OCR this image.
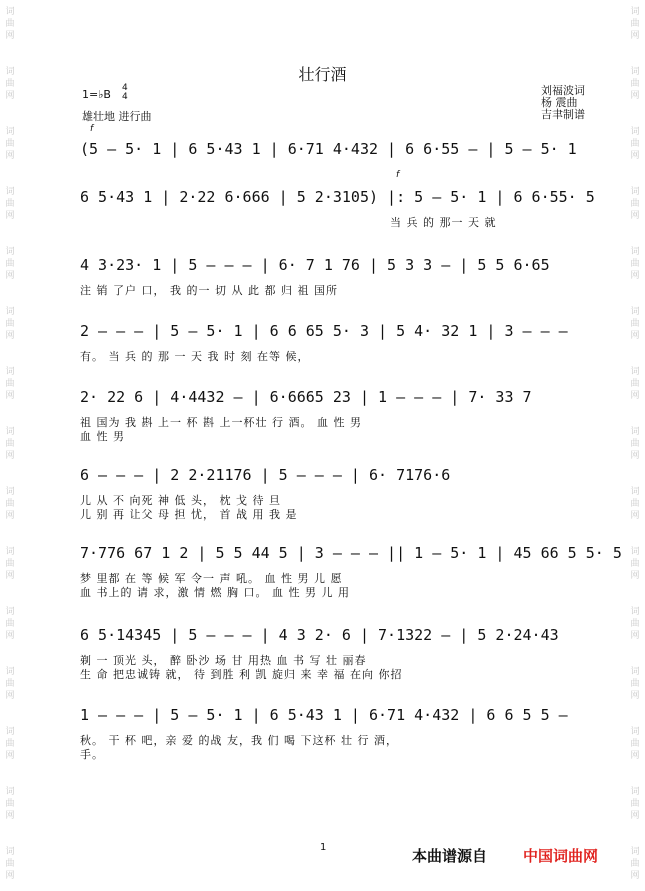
词
曲
网
词
曲
网
词
曲
网
词
曲
网
词
曲
网
词
曲
网
词
曲
网
词
曲
网
词
曲
网
词
曲
网
词
曲
网
词
曲
网
词
曲
网
词
曲
网
词
曲
网
词
曲
网
词
曲
网
词
曲
网
词
曲
网
词
曲
网
词
曲
网
词
曲
网
词
曲
网
词
曲
网
词
曲
网
词
曲
网
词
曲
网
词
曲
网
词
曲
网
词
曲
网
壮行酒
1=♭B 4
4
雄壮地 进行曲
刘福波词
杨 震曲
吉聿制谱
f
f
(5 — 5· 1 | 6 5·43 1 | 6·71 4·432 | 6 6·55 — | 5 — 5· 1
6 5·43 1 | 2·22 6·666 | 5 2·3105) |: 5 — 5· 1 | 6 6·55· 5
当 兵 的 那一 天 就
4 3·23· 1 | 5 — — — | 6· 7 1 76 | 5 3 3 — | 5 5 6·65
注 销 了户 口， 我 的一 切 从 此 都 归 祖 国所
2 — — — | 5 — 5· 1 | 6 6 65 5· 3 | 5 4· 32 1 | 3 — — —
有。 当 兵 的 那 一 天 我 时 刻 在等 候，
2· 22 6 | 4·4432 — | 6·6665 23 | 1 — — — | 7· 33 7
祖 国为 我 斟 上一 杯 斟 上一杯壮 行 酒。 血 性 男
血 性 男
6 — — — | 2 2·21176 | 5 — — — | 6· 7176·6
儿 从 不 向死 神 低 头， 枕 戈 待 旦
儿 别 再 让父 母 担 忧， 首 战 用 我 是
7·776 67 1 2 | 5 5 44 5 | 3 — — — || 1 — 5· 1 | 45 66 5 5· 5
梦 里都 在 等 候 军 令一 声 吼。 血 性 男 儿 愿
血 书上的 请 求，激 情 燃 胸 口。 血 性 男 儿 用
6 5·14345 | 5 — — — | 4 3 2· 6 | 7·1322 — | 5 2·24·43
剃 一 顶光 头， 醉 卧沙 场 甘 用热 血 书 写 壮 丽春
生 命 把忠诚铸 就， 待 到胜 利 凯 旋归 来 幸 福 在向 你招
1 — — — | 5 — 5· 1 | 6 5·43 1 | 6·71 4·432 | 6 6 5 5 —
秋。 干 杯 吧，亲 爱 的战 友，我 们 喝 下这杯 壮 行 酒，
手。
1	本曲谱源自 中国词曲网
